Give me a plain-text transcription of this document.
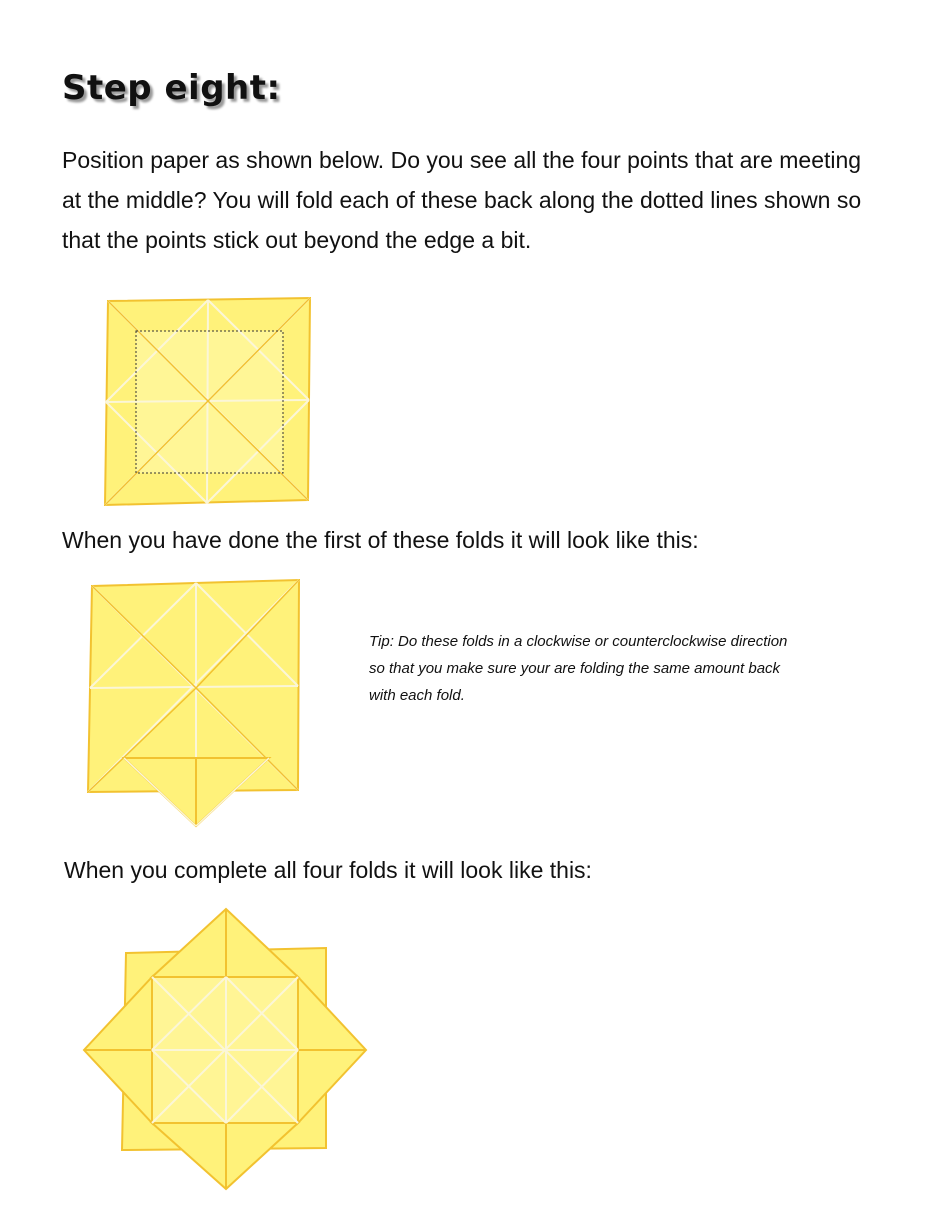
Step eight:

Position paper as shown below. Do you see all the four points that are meeting at the middle? You will fold each of these back along the dotted lines shown so that the points stick out beyond the edge a bit.

When you have done the first of these folds it will look like this:

Tip: Do these folds in a clockwise or counterclockwise direction so that you make sure your are folding the same amount back with each fold.

When you complete all four folds it will look like this:
